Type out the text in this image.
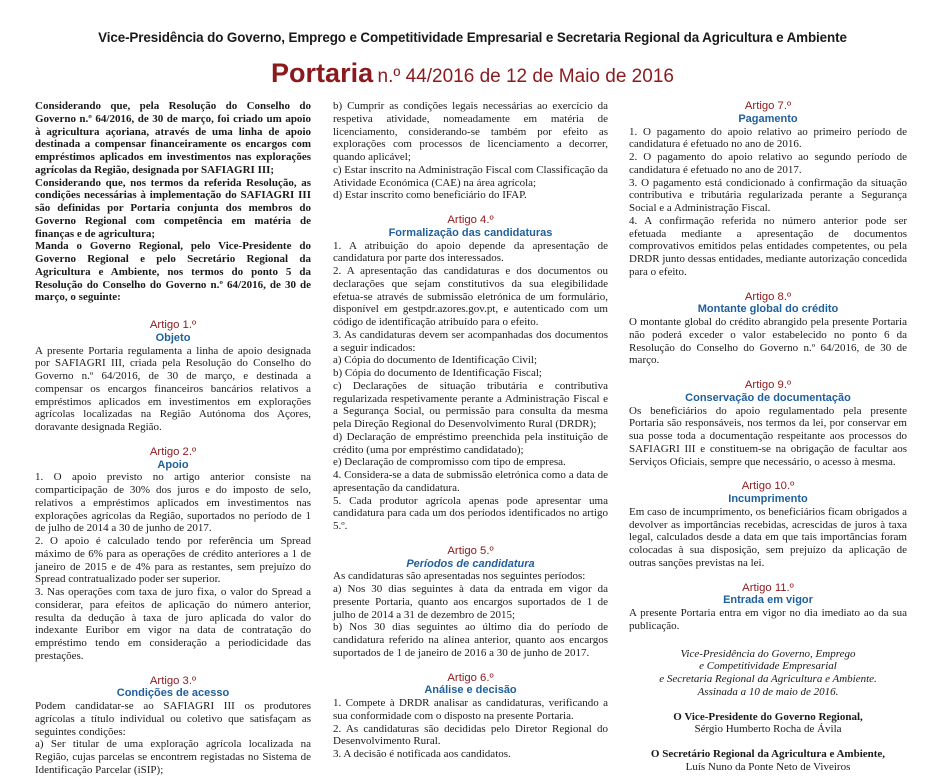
Vice-Presidência do Governo, Emprego e Competitividade Empresarial e Secretaria Regional da Agricultura e Ambiente
Portaria n.º 44/2016 de 12 de Maio de 2016

Considerando que, pela Resolução do Conselho do Governo n.º 64/2016, de 30 de março, foi criado um apoio à agricultura açoriana, através de uma linha de apoio destinada a compensar financeiramente os encargos com empréstimos aplicados em investimentos nas explorações agrícolas da Região, designada por SAFIAGRI III;

Considerando que, nos termos da referida Resolução, as condições necessárias à implementação do SAFIAGRI III são definidas por Portaria conjunta dos membros do Governo Regional com competência em matéria de finanças e de agricultura;

Manda o Governo Regional, pelo Vice-Presidente do Governo Regional e pelo Secretário Regional da Agricultura e Ambiente, nos termos do ponto 5 da Resolução do Conselho do Governo n.º 64/2016, de 30 de março, o seguinte:

Artigo 1.º

Objeto

A presente Portaria regulamenta a linha de apoio designada por SAFIAGRI III, criada pela Resolução do Conselho do Governo n.º 64/2016, de 30 de março, e destinada a compensar os encargos financeiros bancários relativos a empréstimos aplicados em investimentos em explorações agrícolas localizadas na Região Autónoma dos Açores, doravante designada Região.

Artigo 2.º

Apoio

1. O apoio previsto no artigo anterior consiste na comparticipação de 30% dos juros e do imposto de selo, relativos a empréstimos aplicados em investimentos nas explorações agrícolas da Região, suportados no período de 1 de julho de 2014 a 30 de junho de 2017.

2. O apoio é calculado tendo por referência um Spread máximo de 6% para as operações de crédito anteriores a 1 de janeiro de 2015 e de 4% para as restantes, sem prejuízo do Spread contratualizado poder ser superior.

3. Nas operações com taxa de juro fixa, o valor do Spread a considerar, para efeitos de aplicação do número anterior, resulta da dedução à taxa de juro aplicada do valor do indexante Euribor em vigor na data de contratação do empréstimo tendo em consideração a periodicidade das prestações.

Artigo 3.º

Condições de acesso

Podem candidatar-se ao SAFIAGRI III os produtores agrícolas a título individual ou coletivo que satisfaçam as seguintes condições:

a) Ser titular de uma exploração agrícola localizada na Região, cujas parcelas se encontrem registadas no Sistema de Identificação Parcelar (iSIP);

b) Cumprir as condições legais necessárias ao exercício da respetiva atividade, nomeadamente em matéria de licenciamento, considerando-se também por efeito as explorações com processos de licenciamento a decorrer, quando aplicável;

c) Estar inscrito na Administração Fiscal com Classificação da Atividade Económica (CAE) na área agrícola;

d) Estar inscrito como beneficiário do IFAP.

Artigo 4.º

Formalização das candidaturas

1. A atribuição do apoio depende da apresentação de candidatura por parte dos interessados.

2. A apresentação das candidaturas e dos documentos ou declarações que sejam constitutivos da sua elegibilidade efetua-se através de submissão eletrónica de um formulário, disponível em gestpdr.azores.gov.pt, e autenticado com um código de identificação atribuído para o efeito.

3. As candidaturas devem ser acompanhadas dos documentos a seguir indicados:

a) Cópia do documento de Identificação Civil;

b) Cópia do documento de Identificação Fiscal;

c) Declarações de situação tributária e contributiva regularizada respetivamente perante a Administração Fiscal e a Segurança Social, ou permissão para consulta da mesma pela Direção Regional do Desenvolvimento Rural (DRDR);

d) Declaração de empréstimo preenchida pela instituição de crédito (uma por empréstimo candidatado);

e) Declaração de compromisso com tipo de empresa.

4. Considera-se a data de submissão eletrónica como a data de apresentação da candidatura.

5. Cada produtor agrícola apenas pode apresentar uma candidatura para cada um dos períodos identificados no artigo 5.º.

Artigo 5.º

Períodos de candidatura

As candidaturas são apresentadas nos seguintes períodos:

a) Nos 30 dias seguintes à data da entrada em vigor da presente Portaria, quanto aos encargos suportados de 1 de julho de 2014 a 31 de dezembro de 2015;

b) Nos 30 dias seguintes ao último dia do período de candidatura referido na alínea anterior, quanto aos encargos suportados de 1 de janeiro de 2016 a 30 de junho de 2017.

Artigo 6.º

Análise e decisão

1. Compete à DRDR analisar as candidaturas, verificando a sua conformidade com o disposto na presente Portaria.

2. As candidaturas são decididas pelo Diretor Regional do Desenvolvimento Rural.

3. A decisão é notificada aos candidatos.

Artigo 7.º

Pagamento

1. O pagamento do apoio relativo ao primeiro período de candidatura é efetuado no ano de 2016.

2. O pagamento do apoio relativo ao segundo período de candidatura é efetuado no ano de 2017.

3. O pagamento está condicionado à confirmação da situação contributiva e tributária regularizada perante a Segurança Social e a Administração Fiscal.

4. A confirmação referida no número anterior pode ser efetuada mediante a apresentação de documentos comprovativos emitidos pelas entidades competentes, ou pela DRDR junto dessas entidades, mediante autorização concedida para o efeito.

Artigo 8.º

Montante global do crédito

O montante global do crédito abrangido pela presente Portaria não poderá exceder o valor estabelecido no ponto 6 da Resolução do Conselho do Governo n.º 64/2016, de 30 de março.

Artigo 9.º

Conservação de documentação

Os beneficiários do apoio regulamentado pela presente Portaria são responsáveis, nos termos da lei, por conservar em sua posse toda a documentação respeitante aos processos do SAFIAGRI III e constituem-se na obrigação de facultar aos Serviços Oficiais, sempre que necessário, o acesso à mesma.

Artigo 10.º

Incumprimento

Em caso de incumprimento, os beneficiários ficam obrigados a devolver as importâncias recebidas, acrescidas de juros à taxa legal, calculados desde a data em que tais importâncias foram colocadas à sua disposição, sem prejuízo da aplicação de outras sanções previstas na lei.

Artigo 11.º

Entrada em vigor

A presente Portaria entra em vigor no dia imediato ao da sua publicação.

Vice-Presidência do Governo, Emprego

e Competitividade Empresarial

e Secretaria Regional da Agricultura e Ambiente.

Assinada a 10 de maio de 2016.

O Vice-Presidente do Governo Regional,

Sérgio Humberto Rocha de Ávila

O Secretário Regional da Agricultura e Ambiente,

Luís Nuno da Ponte Neto de Viveiros
